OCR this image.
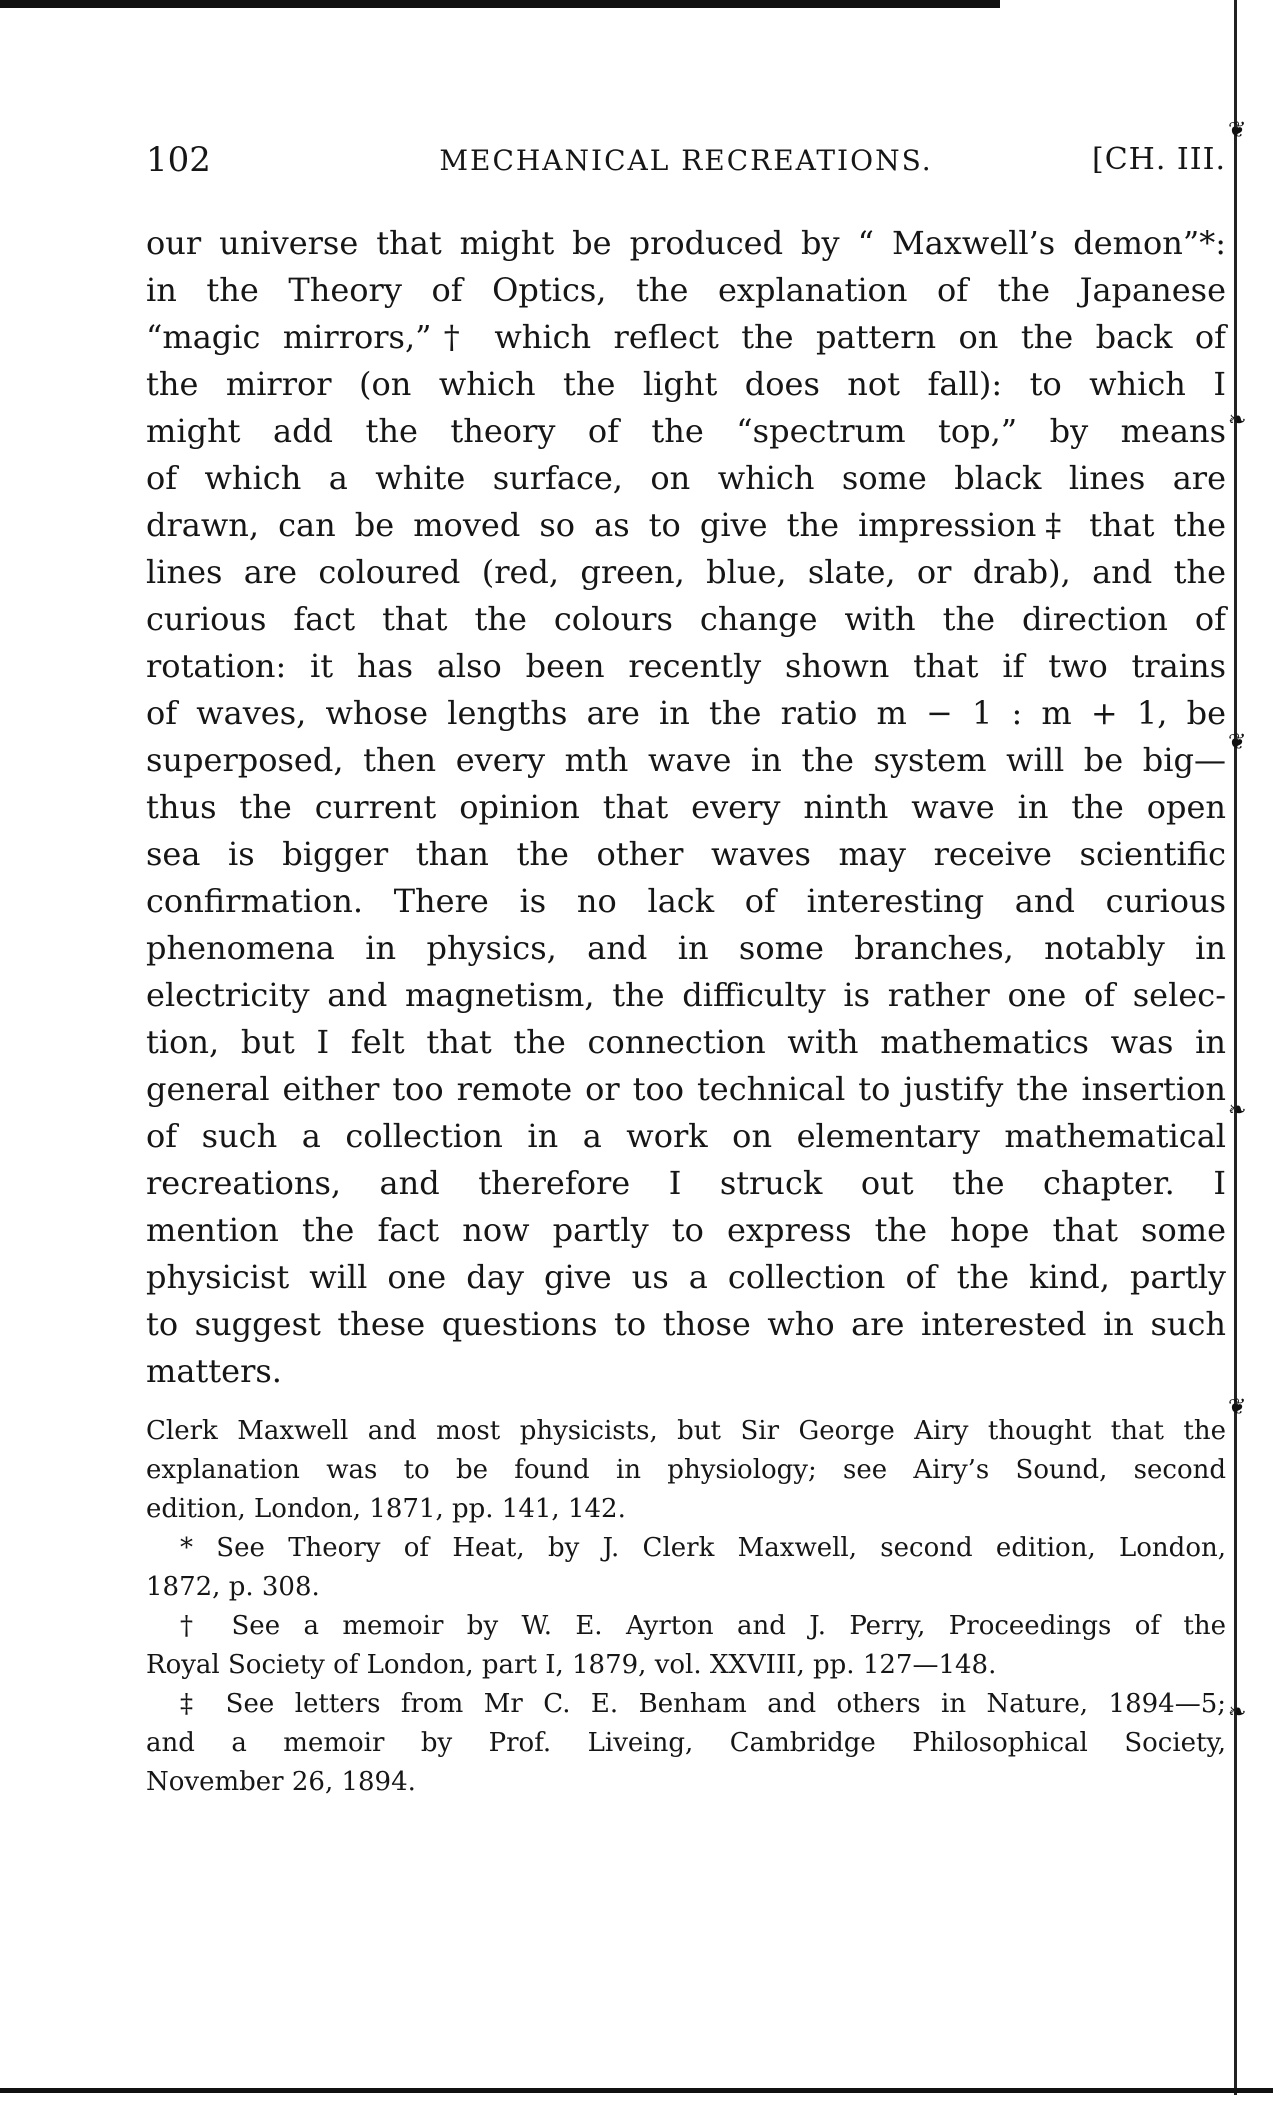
❦
❧
❦
❧
❦
❧
102	MECHANICAL RECREATIONS.	[CH. III.
our universe that might be produced by “ Maxwell’s demon”*:
in the Theory of Optics, the explanation of the Japanese
“magic mirrors,”† which reflect the pattern on the back of
the mirror (on which the light does not fall): to which I
might add the theory of the “spectrum top,” by means
of which a white surface, on which some black lines are
drawn, can be moved so as to give the impression‡ that the
lines are coloured (red, green, blue, slate, or drab), and the
curious fact that the colours change with the direction of
rotation: it has also been recently shown that if two trains
of waves, whose lengths are in the ratio m − 1 : m + 1, be
superposed, then every mth wave in the system will be big—
thus the current opinion that every ninth wave in the open
sea is bigger than the other waves may receive scientific
confirmation. There is no lack of interesting and curious
phenomena in physics, and in some branches, notably in
electricity and magnetism, the difficulty is rather one of selec-
tion, but I felt that the connection with mathematics was in
general either too remote or too technical to justify the insertion
of such a collection in a work on elementary mathematical
recreations, and therefore I struck out the chapter. I
mention the fact now partly to express the hope that some
physicist will one day give us a collection of the kind, partly
to suggest these questions to those who are interested in such
matters.
Clerk Maxwell and most physicists, but Sir George Airy thought that the
explanation was to be found in physiology; see Airy’s Sound, second
edition, London, 1871, pp. 141, 142.
* See Theory of Heat, by J. Clerk Maxwell, second edition, London,
1872, p. 308.
† See a memoir by W. E. Ayrton and J. Perry, Proceedings of the
Royal Society of London, part I, 1879, vol. XXVIII, pp. 127—148.
‡ See letters from Mr C. E. Benham and others in Nature, 1894—5;
and a memoir by Prof. Liveing, Cambridge Philosophical Society,
November 26, 1894.
